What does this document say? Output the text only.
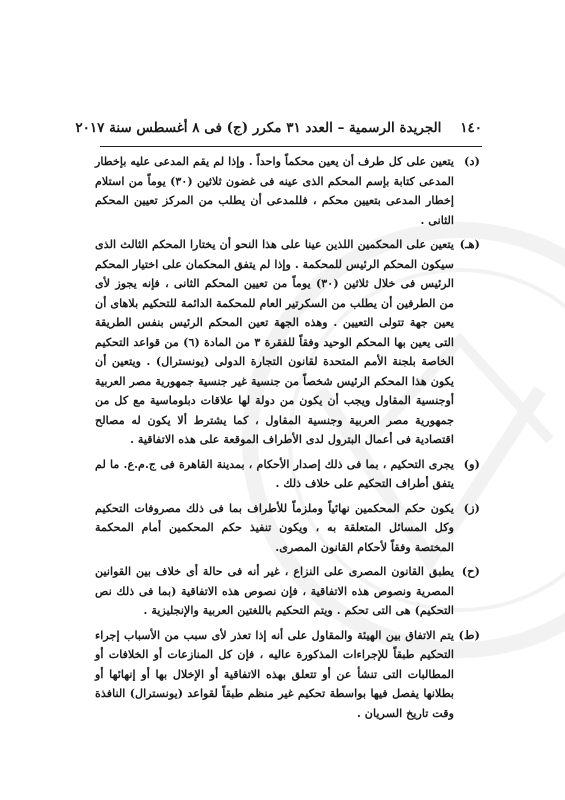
١٤٠    الجريدة الرسمية – العدد ٣١ مكرر (ج) فى ٨ أغسطس سنة ٢٠١٧
(د)
يتعين على كل طرف أن يعين محكماً واحداً . وإذا لم يقم المدعى عليه بإخطار المدعى كتابة بإسم المحكم الذى عينه فى غضون ثلاثين (٣٠) يوماً من استلام إخطار المدعى بتعيين محكم ، فللمدعى أن يطلب من المركز تعيين المحكم الثانى .
(هـ)
يتعين على المحكمين اللذين عينا على هذا النحو أن يختارا المحكم الثالث الذى سيكون المحكم الرئيس للمحكمة . وإذا لم يتفق المحكمان على اختيار المحكم الرئيس فى خلال ثلاثين (٣٠) يوماً من تعيين المحكم الثانى ، فإنه يجوز لأى من الطرفين أن يطلب من السكرتير العام للمحكمة الدائمة للتحكيم بلاهاى أن يعين جهة تتولى التعيين . وهذه الجهة تعين المحكم الرئيس بنفس الطريقة التى يعين بها المحكم الوحيد وفقاً للفقرة ٣ من المادة (٦) من قواعد التحكيم الخاصة بلجنة الأمم المتحدة لقانون التجارة الدولى (يونسترال) . ويتعين أن يكون هذا المحكم الرئيس شخصاً من جنسية غير جنسية جمهورية مصر العربية أوجنسية المقاول ويجب أن يكون من دولة لها علاقات دبلوماسية مع كل من جمهورية مصر العربية وجنسية المقاول ، كما يشترط ألا يكون له مصالح اقتصادية فى أعمال البترول لدى الأطراف الموقعة على هذه الاتفاقية .
(و)
يجرى التحكيم ، بما فى ذلك إصدار الأحكام ، بمدينة القاهرة فى ج.م.ع. ما لم يتفق أطراف التحكيم على خلاف ذلك .
(ز)
يكون حكم المحكمين نهائياً وملزماً للأطراف بما فى ذلك مصروفات التحكيم وكل المسائل المتعلقة به ، ويكون تنفيذ حكم المحكمين أمام المحكمة المختصة وفقاً لأحكام القانون المصرى.
(ح)
يطبق القانون المصرى على النزاع ، غير أنه فى حالة أى خلاف بين القوانين المصرية ونصوص هذه الاتفاقية ، فإن نصوص هذه الاتفاقية (بما فى ذلك نص التحكيم) هى التى تحكم . ويتم التحكيم باللغتين العربية والإنجليزية .
(ط)
يتم الاتفاق بين الهيئة والمقاول على أنه إذا تعذر لأى سبب من الأسباب إجراء التحكيم طبقاً للإجراءات المذكورة عاليه ، فإن كل المنازعات أو الخلافات أو المطالبات التى تنشأ عن أو تتعلق بهذه الاتفاقية أو الإخلال بها أو إنهائها أو بطلانها يفصل فيها بواسطة تحكيم غير منظم طبقاً لقواعد (يونسترال) النافذة وقت تاريخ السريان .
